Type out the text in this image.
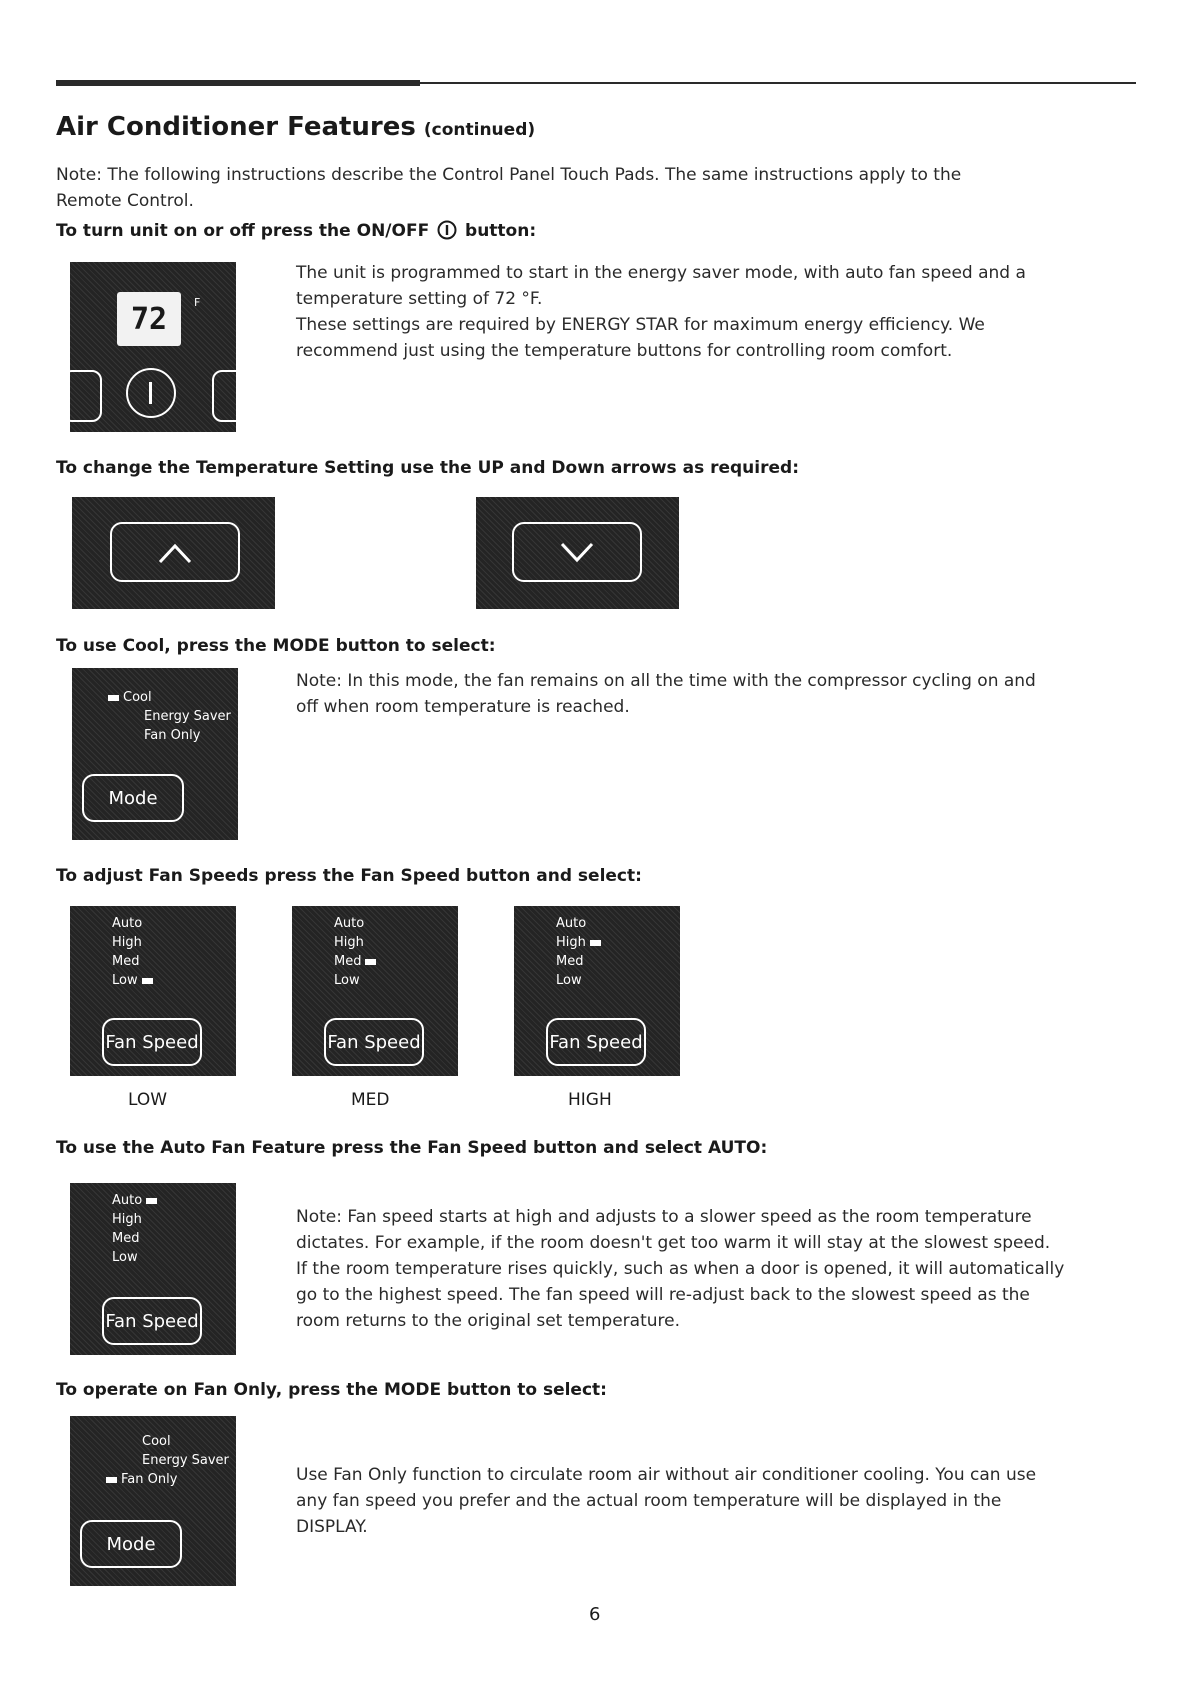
Air Conditioner Features (continued)
Note: The following instructions describe the Control Panel Touch Pads. The same instructions apply to the Remote Control.
To turn unit on or off press the ON/OFF button:
72 F
The unit is programmed to start in the energy saver mode, with auto fan speed and a temperature setting of 72 °F.
These settings are required by ENERGY STAR for maximum energy efficiency. We recommend just using the temperature buttons for controlling room comfort.
To change the Temperature Setting use the UP and Down arrows as required:
To use Cool, press the MODE button to select:
Cool
Energy Saver
Fan Only
Mode
Note: In this mode, the fan remains on all the time with the compressor cycling on and off when room temperature is reached.
To adjust Fan Speeds press the Fan Speed button and select:
Auto
High
Med
Low
Fan Speed
Auto
High
Med
Low
Fan Speed
Auto
High
Med
Low
Fan Speed
LOW	MED	HIGH
To use the Auto Fan Feature press the Fan Speed button and select AUTO:
Auto
High
Med
Low
Fan Speed
Note: Fan speed starts at high and adjusts to a slower speed as the room temperature dictates. For example, if the room doesn't get too warm it will stay at the slowest speed. If the room temperature rises quickly, such as when a door is opened, it will automatically go to the highest speed. The fan speed will re-adjust back to the slowest speed as the room returns to the original set temperature.
To operate on Fan Only, press the MODE button to select:
Cool
Energy Saver
Fan Only
Mode
Use Fan Only function to circulate room air without air conditioner cooling. You can use any fan speed you prefer and the actual room temperature will be displayed in the DISPLAY.
6
